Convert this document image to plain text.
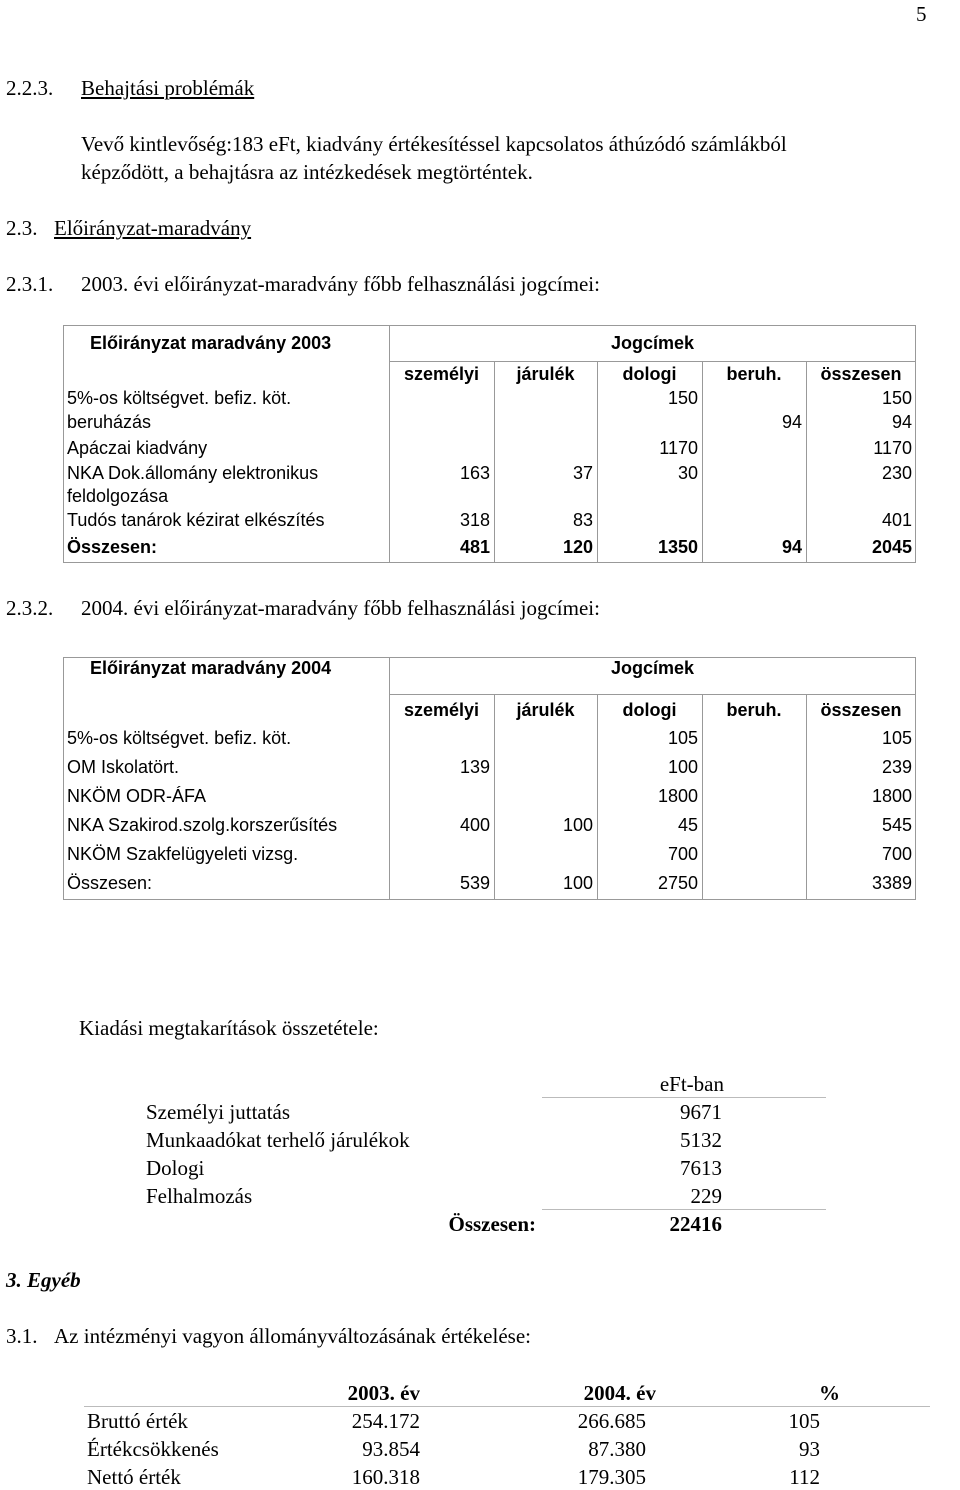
5
2.2.3. Behajtási problémák
Vevő kintlevőség:183 eFt, kiadvány értékesítéssel kapcsolatos áthúzódó számlákból
képződött, a behajtásra az intézkedések megtörténtek.
2.3. Előirányzat-maradvány
2.3.1. 2003. évi előirányzat-maradvány főbb felhasználási jogcímei:
Előirányzat maradvány 2003	Jogcímek
	személyi	járulék	dologi	beruh.	összesen
5%-os költségvet. befiz. köt.			150		150
beruházás				94	94
Apáczai kiadvány			1170		1170
NKA Dok.állomány elektronikus	163	37	30		230
feldolgozása					
Tudós tanárok kézirat elkészítés	318	83			401
Összesen:	481	120	1350	94	2045
2.3.2. 2004. évi előirányzat-maradvány főbb felhasználási jogcímei:
Előirányzat maradvány 2004	Jogcímek
	személyi	járulék	dologi	beruh.	összesen
5%-os költségvet. befiz. köt.			105		105
OM Iskolatört.	139		100		239
NKÖM ODR-ÁFA			1800		1800
NKA Szakirod.szolg.korszerűsítés	400	100	45		545
NKÖM Szakfelügyeleti vizsg.			700		700
Összesen:	539	100	2750		3389
Kiadási megtakarítások összetétele:
eFt-ban
Személyi juttatás	9671
Munkaadókat terhelő járulékok	5132
Dologi	7613
Felhalmozás	229
Összesen:	22416
3. Egyéb
3.1. Az intézményi vagyon állományváltozásának értékelése:
2003. év	2004. év	%
Bruttó érték	254.172	266.685	105
Értékcsökkenés	93.854	87.380	93
Nettó érték	160.318	179.305	112
